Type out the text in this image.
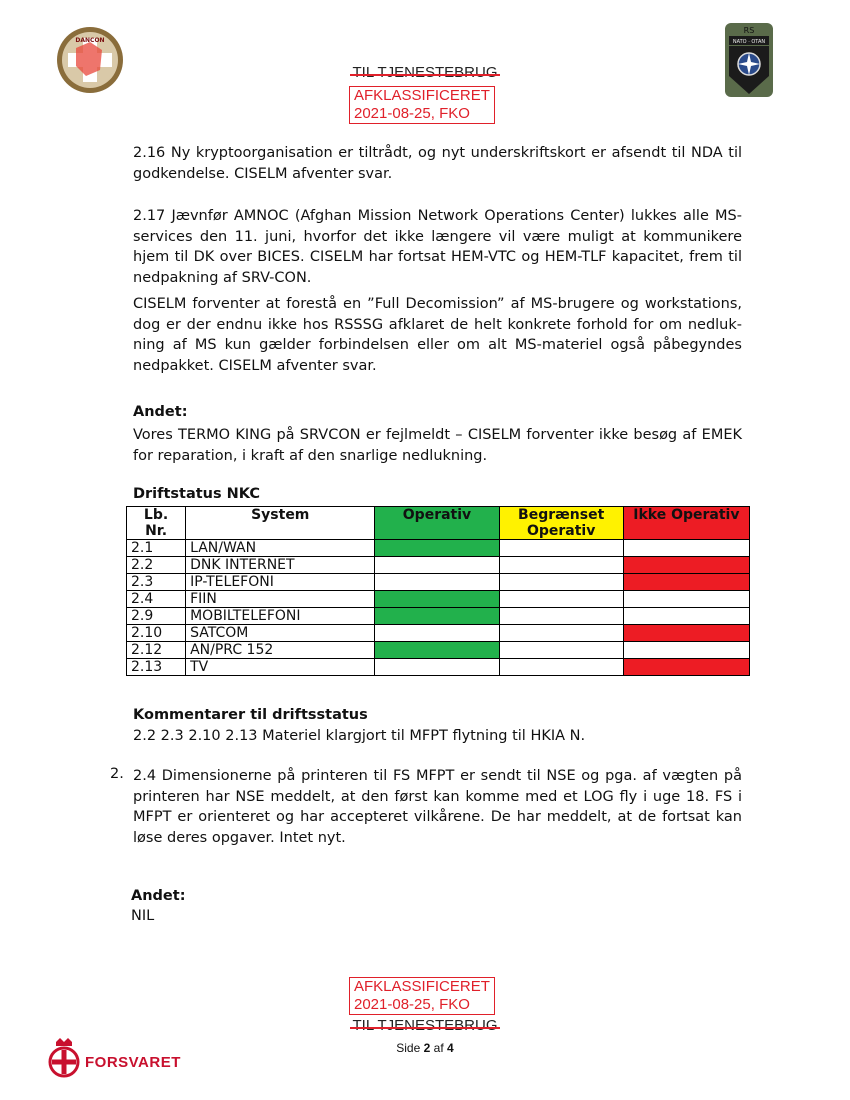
DANCON
RS
NATO · OTAN
TIL TJENESTEBRUG
AFKLASSIFICERET
2021-08-25, FKO

2.16 Ny kryptoorganisation er tiltrådt, og nyt underskriftskort er afsendt til NDA til godkendelse. CISELM afventer svar.

2.17 Jævnfør AMNOC (Afghan Mission Network Operations Center) lukkes alle MS-services den 11. juni, hvorfor det ikke længere vil være muligt at kommunikere hjem til DK over BICES. CISELM har fortsat HEM-VTC og HEM-TLF kapacitet, frem til nedpakning af SRV-CON.

CISELM forventer at forestå en ”Full Decomission” af MS-brugere og workstations, dog er der endnu ikke hos RSSSG afklaret de helt konkrete forhold for om nedluk-ning af MS kun gælder forbindelsen eller om alt MS-materiel også påbegyndes nedpakket. CISELM afventer svar.

Andet:

Vores TERMO KING på SRVCON er fejlmeldt – CISELM forventer ikke besøg af EMEK for reparation, i kraft af den snarlige nedlukning.

Driftstatus NKC
Lb. Nr.	System	Operativ	Begrænset Operativ	Ikke Operativ
2.1	LAN/WAN			
2.2	DNK INTERNET			
2.3	IP-TELEFONI			
2.4	FIIN			
2.9	MOBILTELEFONI			
2.10	SATCOM			
2.12	AN/PRC 152			
2.13	TV			
Kommentarer til driftsstatus
2.2 2.3 2.10 2.13 Materiel klargjort til MFPT flytning til HKIA N.
2. 2.4 Dimensionerne på printeren til FS MFPT er sendt til NSE og pga. af vægten på printeren har NSE meddelt, at den først kan komme med et LOG fly i uge 18. FS i MFPT er orienteret og har accepteret vilkårene. De har meddelt, at de fortsat kan løse deres opgaver. Intet nyt.

Andet:
NIL
AFKLASSIFICERET
2021-08-25, FKO
TIL TJENESTEBRUG
Side 2 af 4
FORSVARET
